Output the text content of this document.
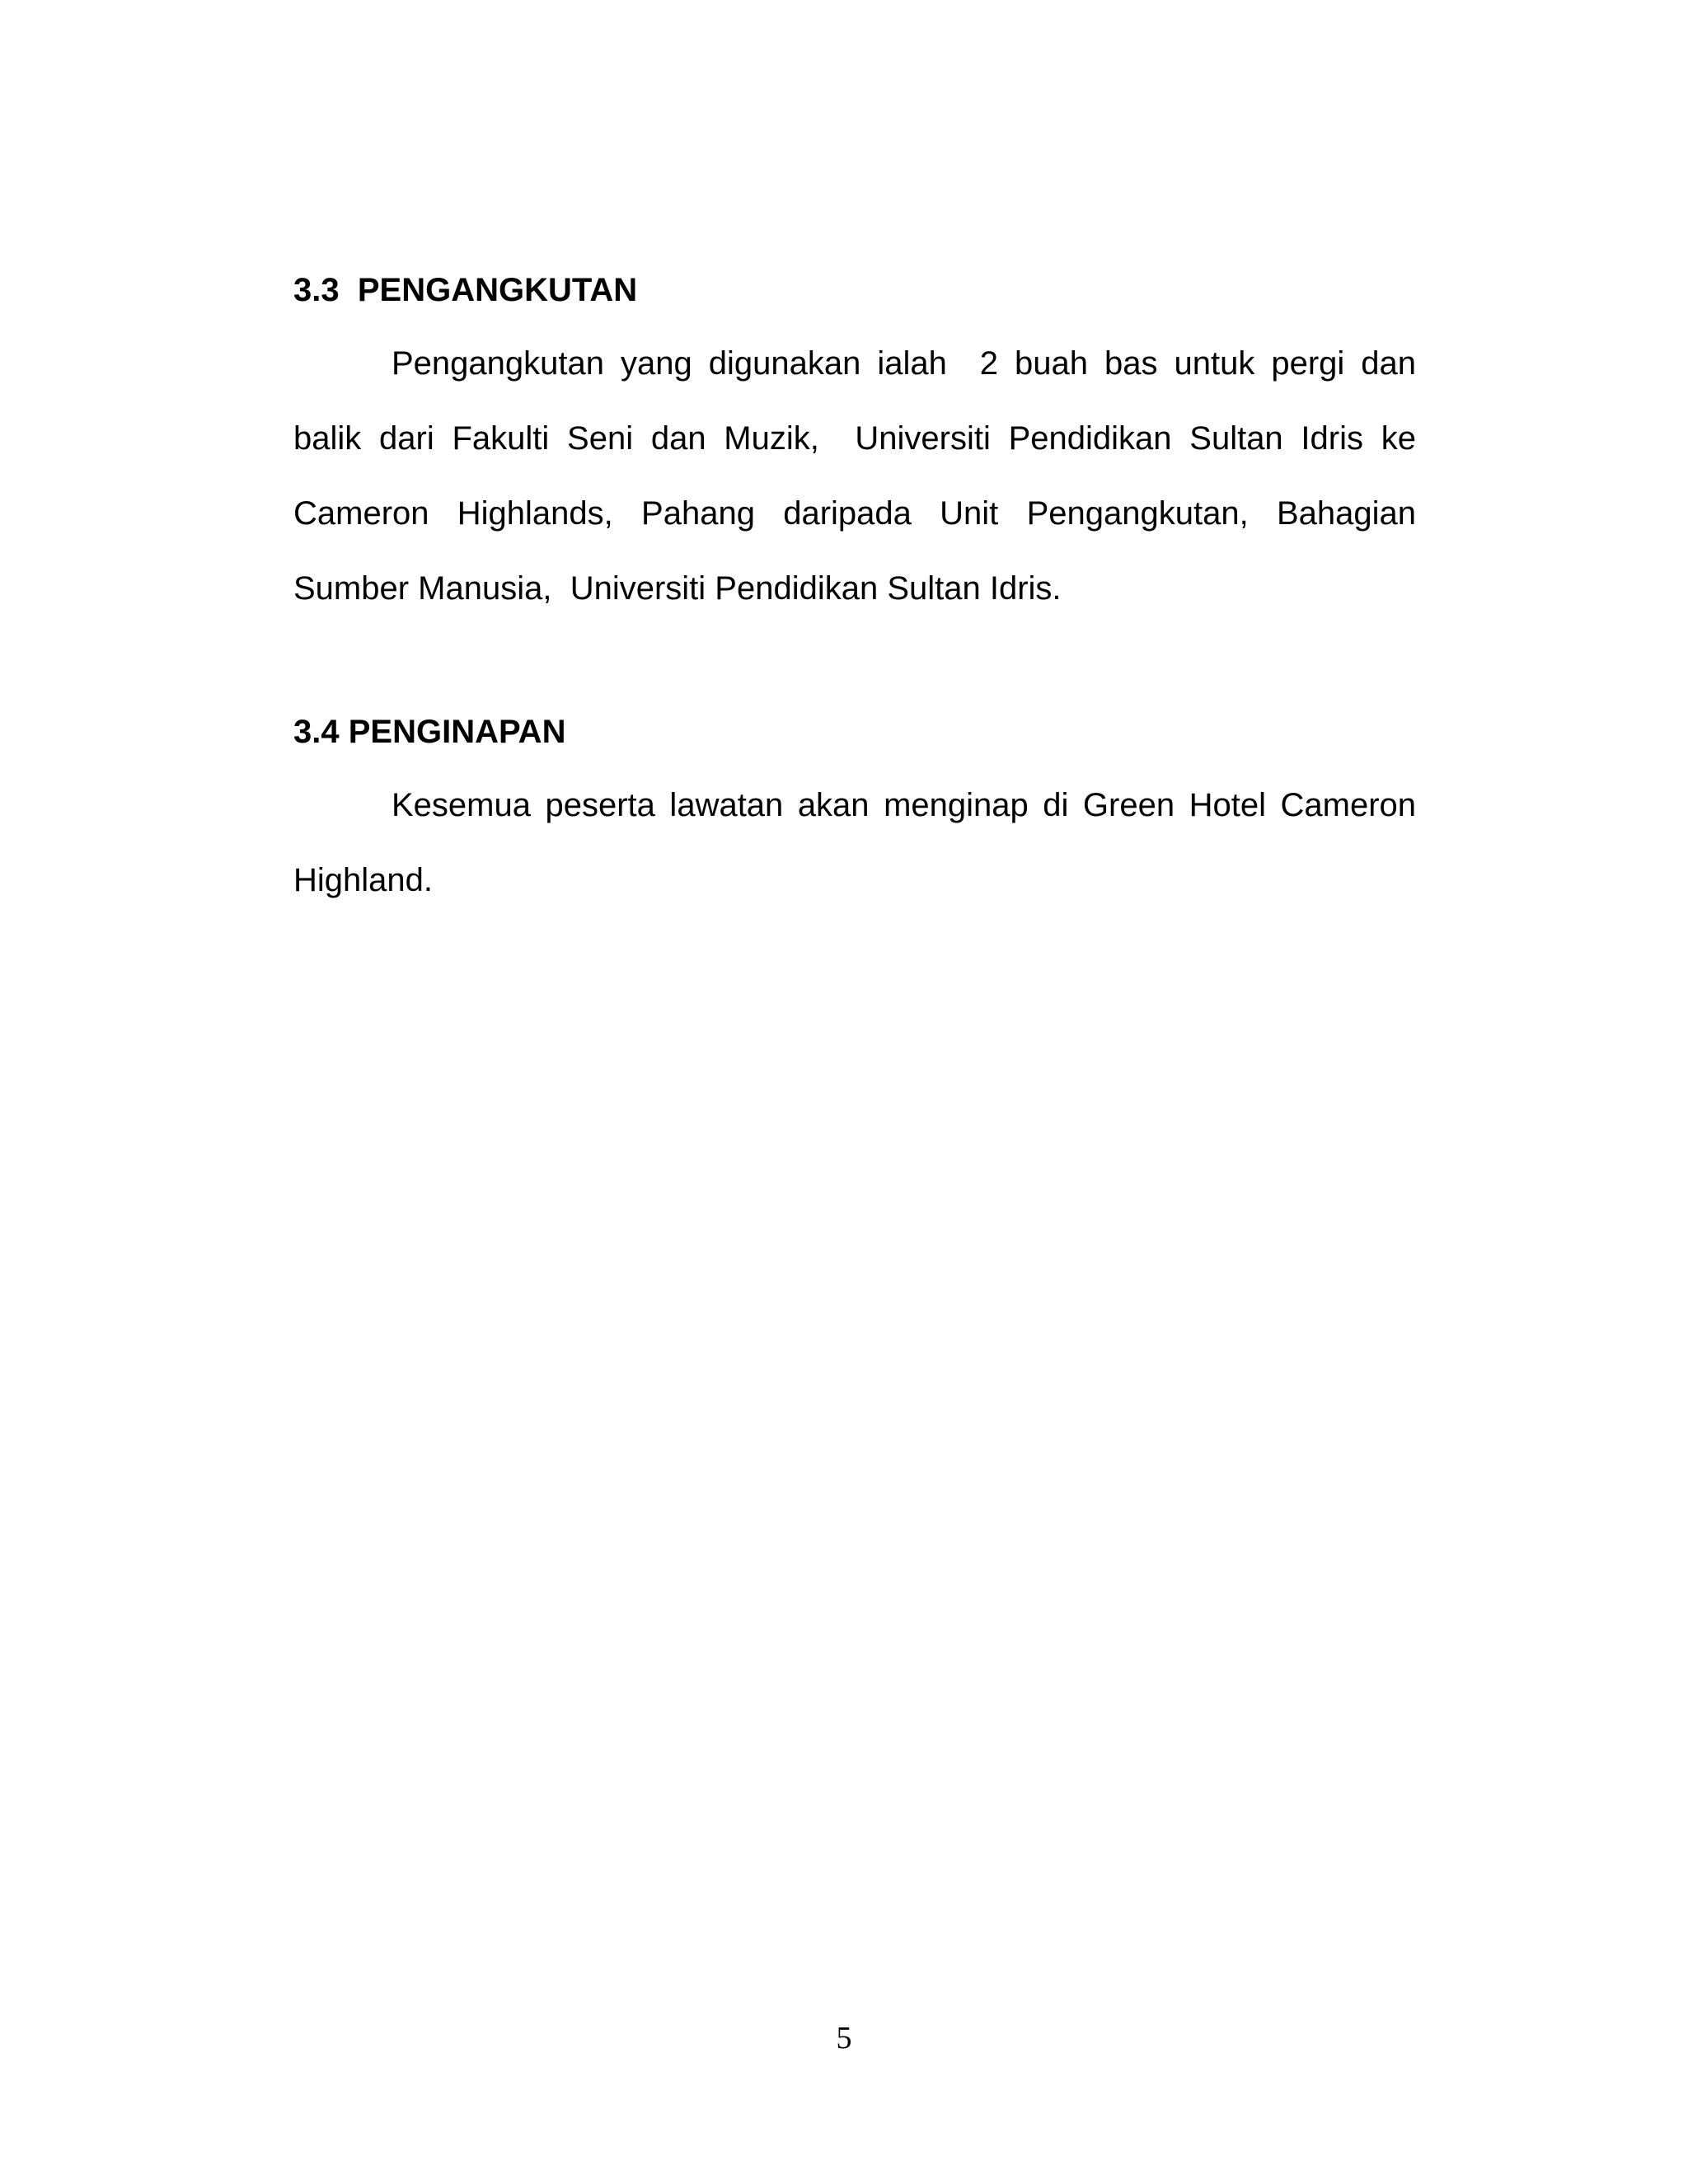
3.3  PENGANGKUTAN

Pengangkutan yang digunakan ialah  2 buah bas untuk pergi dan balik dari Fakulti Seni dan Muzik,  Universiti Pendidikan Sultan Idris ke Cameron Highlands, Pahang daripada Unit Pengangkutan, Bahagian Sumber Manusia,  Universiti Pendidikan Sultan Idris.

3.4 PENGINAPAN

Kesemua peserta lawatan akan menginap di Green Hotel Cameron Highland.

5
